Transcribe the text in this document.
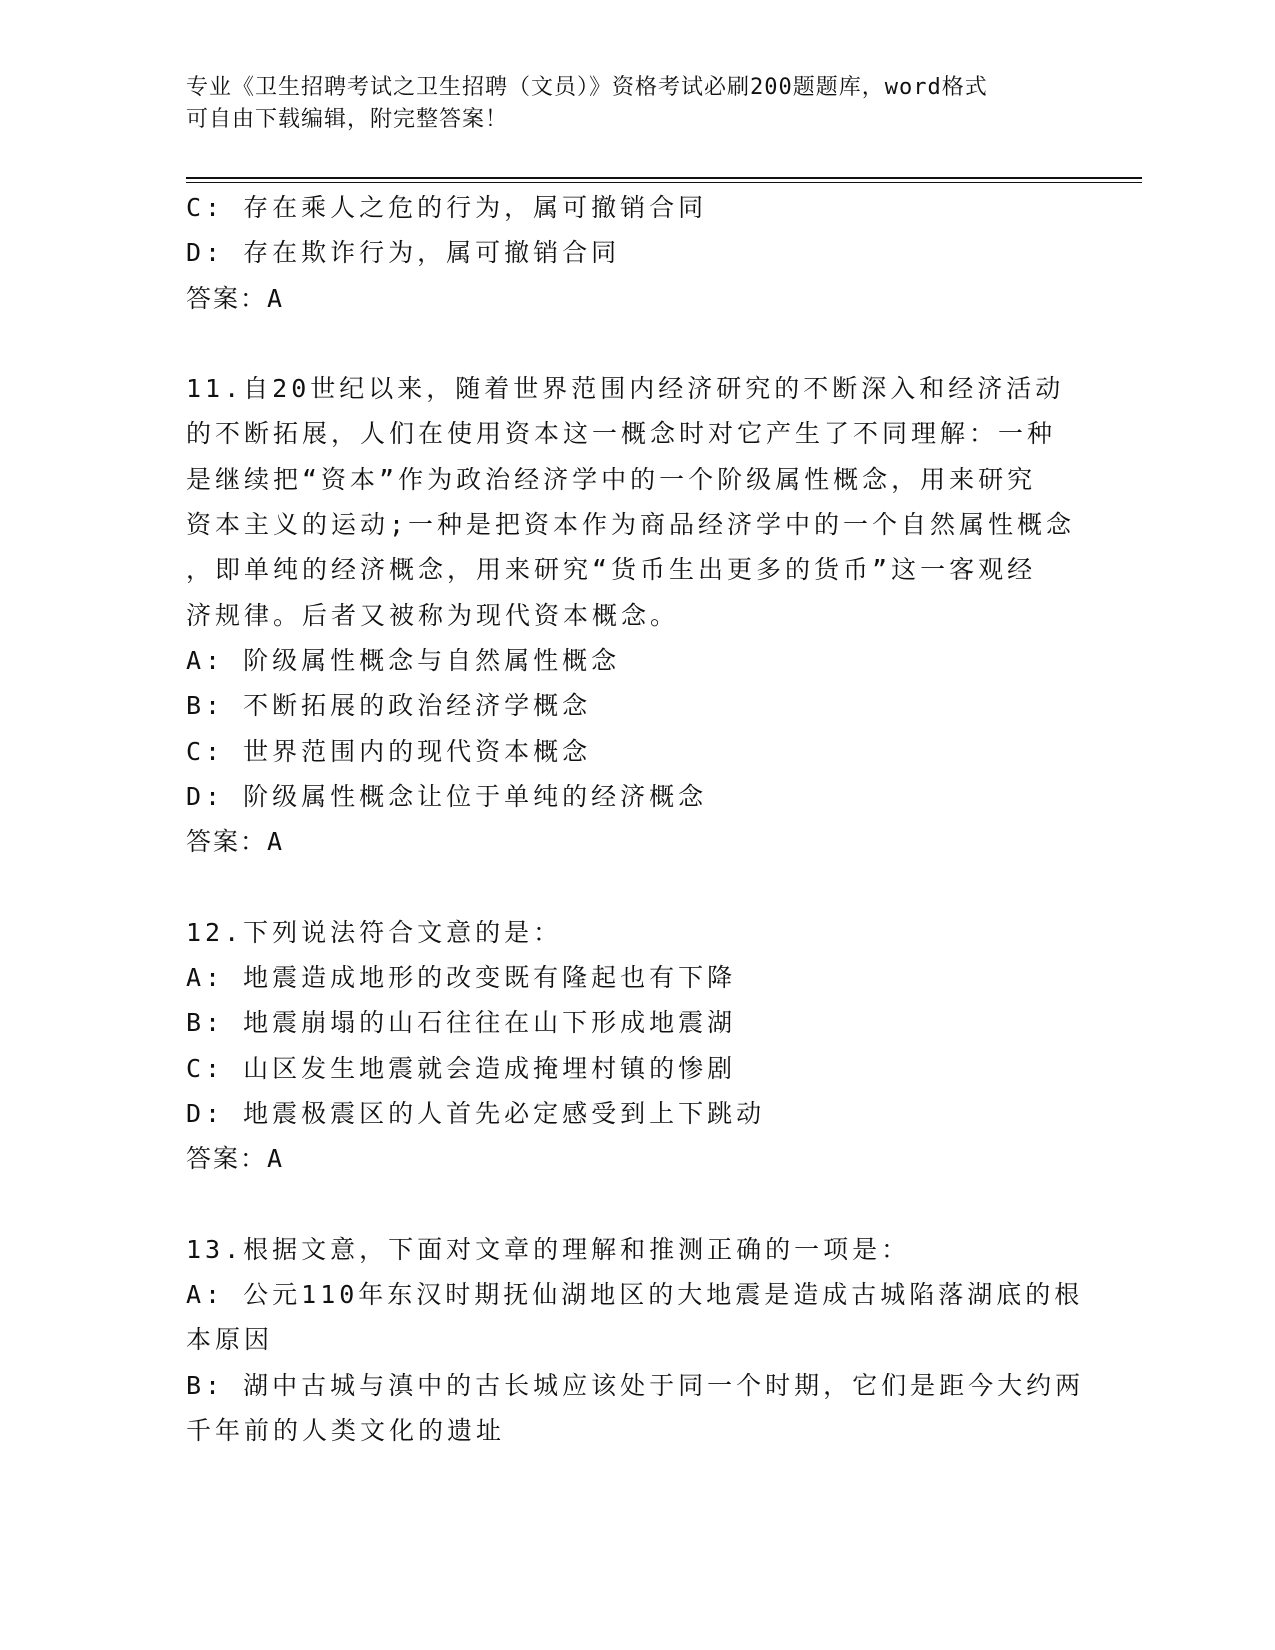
专业《卫生招聘考试之卫生招聘（文员）》资格考试必刷200题题库，word格式
可自由下载编辑，附完整答案！
C: 存在乘人之危的行为，属可撤销合同
D: 存在欺诈行为，属可撤销合同
答案：A
11.自20世纪以来，随着世界范围内经济研究的不断深入和经济活动
的不断拓展，人们在使用资本这一概念时对它产生了不同理解：一种
是继续把“资本”作为政治经济学中的一个阶级属性概念，用来研究
资本主义的运动;一种是把资本作为商品经济学中的一个自然属性概念
，即单纯的经济概念，用来研究“货币生出更多的货币”这一客观经
济规律。后者又被称为现代资本概念。
A: 阶级属性概念与自然属性概念
B: 不断拓展的政治经济学概念
C: 世界范围内的现代资本概念
D: 阶级属性概念让位于单纯的经济概念
答案：A
12.下列说法符合文意的是：
A: 地震造成地形的改变既有隆起也有下降
B: 地震崩塌的山石往往在山下形成地震湖
C: 山区发生地震就会造成掩埋村镇的惨剧
D: 地震极震区的人首先必定感受到上下跳动
答案：A
13.根据文意，下面对文章的理解和推测正确的一项是：
A: 公元110年东汉时期抚仙湖地区的大地震是造成古城陷落湖底的根
本原因
B: 湖中古城与滇中的古长城应该处于同一个时期，它们是距今大约两
千年前的人类文化的遗址
